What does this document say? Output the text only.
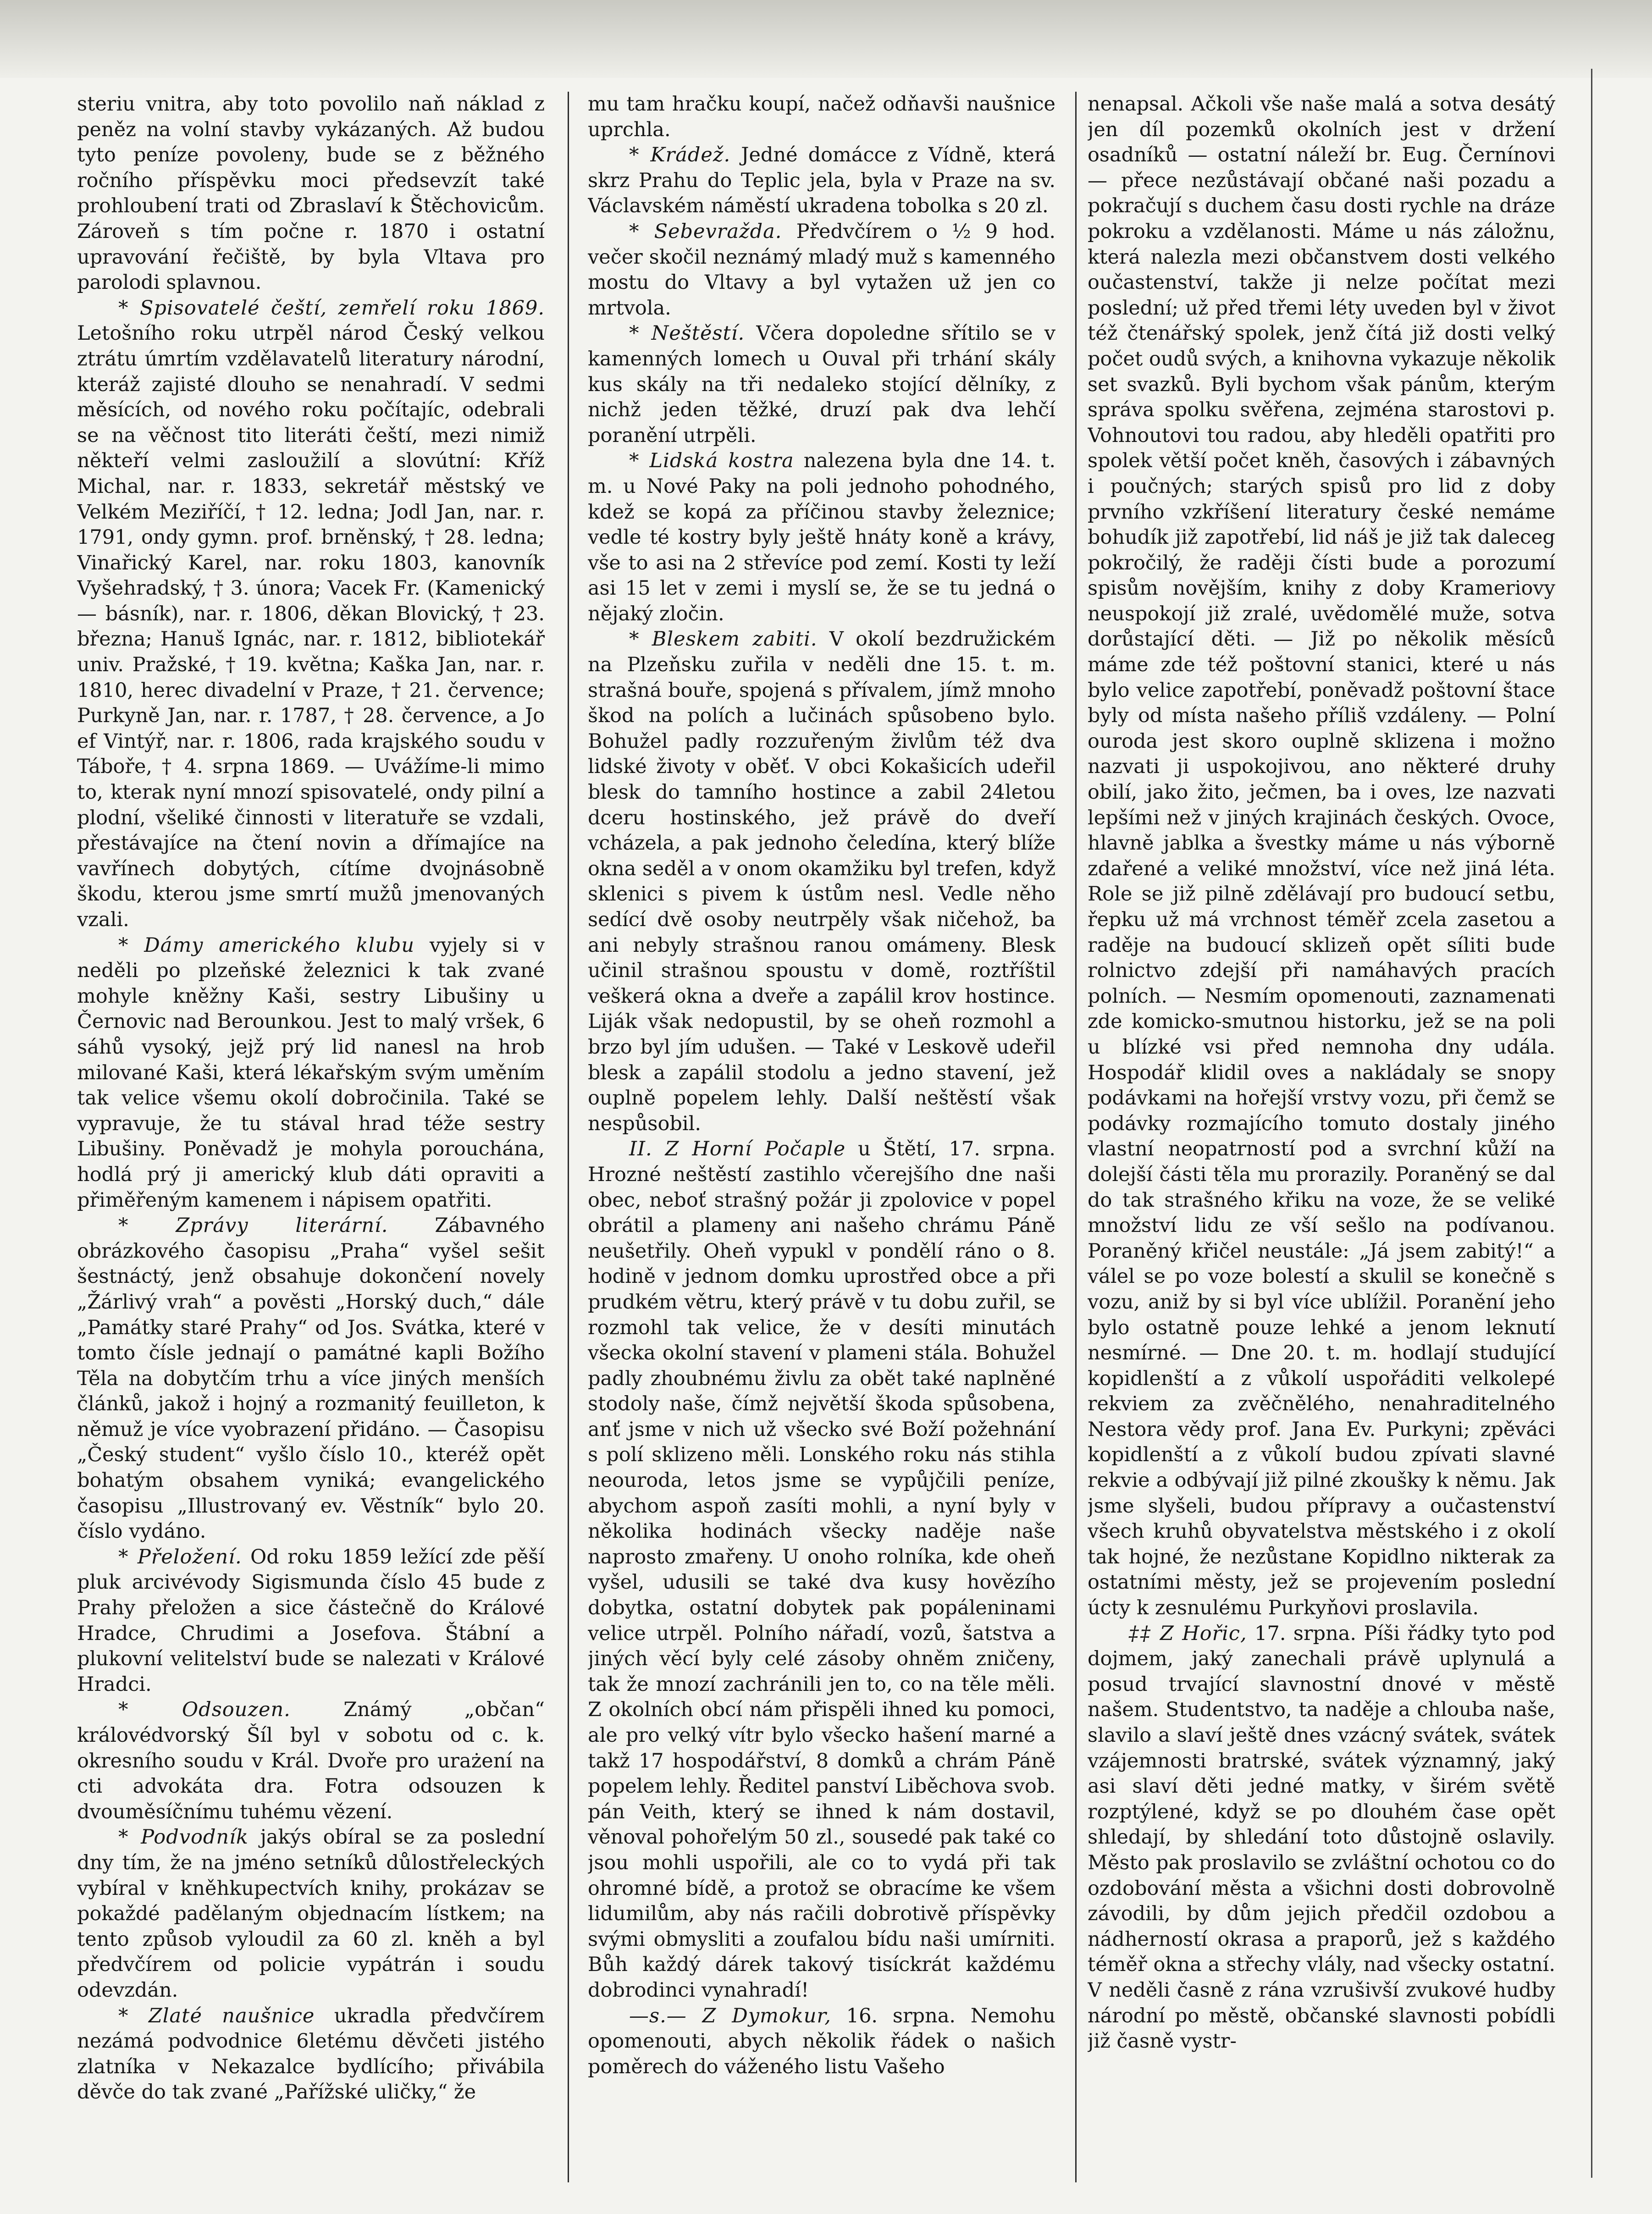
steriu vnitra, aby toto povolilo naň náklad z peněz na volní stavby vykázaných. Až budou tyto peníze povoleny, bude se z běžného ročního příspěvku moci předsevzít také prohloubení trati od Zbraslaví k Štěchovicům. Zároveň s tím počne r. 1870 i ostatní upravování řečiště, by byla Vltava pro parolodi splavnou.

* Spisovatelé čeští, zemřelí roku 1869. Letošního roku utrpěl národ Český velkou ztrátu úmrtím vzdělavatelů literatury národní, kteráž zajisté dlouho se nenahradí. V sedmi měsících, od nového roku počítajíc, odebrali se na věčnost tito literáti čeští, mezi nimiž někteří velmi zasloužilí a slovútní: Kříž Michal, nar. r. 1833, sekretář městský ve Velkém Meziříčí, † 12. ledna; Jodl Jan, nar. r. 1791, ondy gymn. prof. brněnský, † 28. ledna; Vinařický Karel, nar. roku 1803, kanovník Vyšehradský, † 3. února; Vacek Fr. (Kamenický — básník), nar. r. 1806, děkan Blovický, † 23. března; Hanuš Ignác, nar. r. 1812, bibliotekář univ. Pražské, † 19. května; Kaška Jan, nar. r. 1810, herec divadelní v Praze, † 21. července; Purkyně Jan, nar. r. 1787, † 28. července, a Jo ef Vintýř, nar. r. 1806, rada krajského soudu v Táboře, † 4. srpna 1869. — Uvážíme-li mimo to, kterak nyní mnozí spisovatelé, ondy pilní a plodní, všeliké činnosti v literatuře se vzdali, přestávajíce na čtení novin a dřímajíce na vavřínech dobytých, cítíme dvojnásobně škodu, kterou jsme smrtí mužů jmenovaných vzali.

* Dámy amerického klubu vyjely si v neděli po plzeňské železnici k tak zvané mohyle kněžny Kaši, sestry Libušiny u Černovic nad Berounkou. Jest to malý vršek, 6 sáhů vysoký, jejž prý lid nanesl na hrob milované Kaši, která lékařským svým uměním tak velice všemu okolí dobročinila. Také se vypravuje, že tu stával hrad téže sestry Libušiny. Poněvadž je mohyla porouchána, hodlá prý ji americký klub dáti opraviti a přiměřeným kamenem i nápisem opatřiti.

* Zprávy literární. Zábavného obrázkového časopisu „Praha“ vyšel sešit šestnáctý, jenž obsahuje dokončení novely „Žárlivý vrah“ a pověsti „Horský duch,“ dále „Památky staré Prahy“ od Jos. Svátka, které v tomto čísle jednají o památné kapli Božího Těla na dobytčím trhu a více jiných menších článků, jakož i hojný a rozmanitý feuilleton, k němuž je více vyobrazení přidáno. — Časopisu „Český student“ vyšlo číslo 10., kteréž opět bohatým obsahem vyniká; evangelického časopisu „Illustrovaný ev. Věstník“ bylo 20. číslo vydáno.

* Přeložení. Od roku 1859 ležící zde pěší pluk arcivévody Sigismunda číslo 45 bude z Prahy přeložen a sice částečně do Králové Hradce, Chrudimi a Josefova. Štábní a plukovní velitelství bude se nalezati v Králové Hradci.

* Odsouzen.	Známý „občan“ královédvorský Šíl byl v sobotu od c. k. okresního soudu v Král. Dvoře pro urażení na cti advokáta dra. Fotra odsouzen k dvouměsíčnímu tuhému vězení.

* Podvodník jakýs obíral se za poslední dny tím, že na jméno setníků důlostřeleckých vybíral v kněhkupectvích knihy, prokázav se pokaždé padělaným objednacím lístkem; na tento způsob vyloudil za 60 zl. kněh a byl předvčírem od policie vypátrán i soudu odevzdán.

* Zlaté naušnice ukradla předvčírem nezámá podvodnice 6letému děvčeti jistého zlatníka v Nekazalce bydlícího; přivábila děvče do tak zvané „Pařížské uličky,“ že

mu tam hračku koupí, načež odňavši naušnice uprchla.

* Krádež. Jedné domácce z Vídně, která skrz Prahu do Teplic jela, byla v Praze na sv. Václavském náměstí ukradena tobolka s 20 zl.

* Sebevražda. Předvčírem o ½ 9 hod. večer skočil neznámý mladý muž s kamenného mostu do Vltavy a byl vytažen už jen co mrtvola.

* Neštěstí. Včera dopoledne sřítilo se v kamenných lomech u Ouval při trhání skály kus skály na tři nedaleko stojící dělníky, z nichž jeden těžké, druzí pak dva lehčí poranění utrpěli.

* Lidská kostra nalezena byla dne 14. t. m. u Nové Paky na poli jednoho pohodného, kdež se kopá za příčinou stavby železnice; vedle té kostry byly ještě hnáty koně a krávy, vše to asi na 2 střevíce pod zemí. Kosti ty leží asi 15 let v zemi i myslí se, že se tu jedná o nějaký zločin.

* Bleskem zabiti. V okolí bezdružickém na Plzeňsku zuřila v neděli dne 15. t. m. strašná bouře, spojená s přívalem, jímž mnoho škod na polích a lučinách spůsobeno bylo. Bohužel padly rozzuřeným živlům též dva lidské životy v oběť. V obci Kokašicích udeřil blesk do tamního hostince a zabil 24letou dceru hostinského, jež právě do dveří vcházela, a pak jednoho čeledína, který blíže okna seděl a v onom okamžiku byl trefen, když sklenici s pivem k ústům nesl. Vedle něho sedící dvě osoby neutrpěly však ničehož, ba ani nebyly strašnou ranou omámeny. Blesk učinil strašnou spoustu v domě, roztříštil veškerá okna a dveře a zapálil krov hostince. Liják však nedopustil, by se oheň rozmohl a brzo byl jím udušen. — Také v Leskově udeřil blesk a zapálil stodolu a jedno stavení, jež ouplně popelem lehly. Další neštěstí však nespůsobil.

II. Z Horní Počaple u Štětí, 17. srpna. Hrozné neštěstí zastihlo včerejšího dne naši obec, neboť strašný požár ji zpolovice v popel obrátil a plameny ani našeho chrámu Páně neušetřily. Oheň vypukl v pondělí ráno o 8. hodině v jednom domku uprostřed obce a při prudkém větru, který právě v tu dobu zuřil, se rozmohl tak velice, že v desíti minutách všecka okolní stavení v plameni stála. Bohužel padly zhoubnému živlu za obět také naplněné stodoly naše, čímž největší škoda spůsobena, anť jsme v nich už všecko své Boží požehnání s polí sklizeno měli. Lonského roku nás stihla neouroda, letos jsme se vypůjčili peníze, abychom aspoň zasíti mohli, a nyní byly v několika hodinách všecky naděje naše naprosto zmařeny. U onoho rolníka, kde oheň vyšel, udusili se také dva kusy hovězího dobytka, ostatní dobytek pak popáleninami velice utrpěl. Polního nářadí, vozů, šatstva a jiných věcí byly celé zásoby ohněm zničeny, tak že mnozí zachránili jen to, co na těle měli. Z okolních obcí nám přispěli ihned ku pomoci, ale pro velký vítr bylo všecko hašení marné a takž 17 hospodářství, 8 domků a chrám Páně popelem lehly. Ředitel panství Liběchova svob. pán Veith, který se ihned k nám dostavil, věnoval pohořelým 50 zl., sousedé pak také co jsou mohli uspořili, ale co to vydá při tak ohromné bídě, a protož se obracíme ke všem lidumilům, aby nás račili dobrotivě příspěvky svými obmysliti a zoufalou bídu naši umírniti. Bůh každý dárek takový tisíckrát každému dobrodinci vynahradí!

—s.— Z Dymokur, 16. srpna. Nemohu opomenouti, abych několik řádek o našich poměrech do váženého listu Vašeho

nenapsal. Ačkoli vše naše malá a sotva desátý jen díl pozemků okolních jest v držení osadníků — ostatní náleží br. Eug. Černínovi — přece nezůstávají občané naši pozadu a pokračují s duchem času dosti rychle na dráze pokroku a vzdělanosti. Máme u nás záložnu, která nalezla mezi občanstvem dosti velkého oučastenství, takže ji nelze počítat mezi poslední; už před třemi léty uveden byl v život též čtenářský spolek, jenž čítá již dosti velký počet oudů svých, a knihovna vykazuje několik set svazků. Byli bychom však pánům, kterým správa spolku svěřena, zejména starostovi p. Vohnoutovi tou radou, aby hleděli opatřiti pro spolek větší počet kněh, časových i zábavných i poučných; starých spisů pro lid z doby prvního vzkříšení literatury české nemáme bohudík již zapotřebí, lid náš je již tak daleceg pokročilý, že raději čísti bude a porozumí spisům novějším, knihy z doby Krameriovy neuspokojí již zralé, uvědomělé muže, sotva dorůstající děti. — Již po několik měsíců máme zde též poštovní stanici, které u nás bylo velice zapotřebí, poněvadž poštovní štace byly od místa našeho příliš vzdáleny. — Polní ouroda jest skoro ouplně sklizena i možno nazvati ji uspokojivou, ano některé druhy obilí, jako žito, ječmen, ba i oves, lze nazvati lepšími než v jiných krajinách českých. Ovoce, hlavně jablka a švestky máme u nás výborně zdařené a veliké množství, více než jiná léta. Role se již pilně zdělávají pro budoucí setbu, řepku už má vrchnost téměř zcela zasetou a raděje na budoucí sklizeň opět síliti bude rolnictvo zdejší při namáhavých pracích polních. — Nesmím opomenouti, zaznamenati zde komicko-smutnou historku, jež se na poli u blízké vsi před nemnoha dny udála. Hospodář klidil oves a nakládaly se snopy podávkami na hořejší vrstvy vozu, při čemž se podávky rozmajícího tomuto dostaly jiného vlastní neopatrností pod a svrchní kůží na dolejší části těla mu prorazily. Poraněný se dal do tak strašného křiku na voze, že se veliké množství lidu ze vší sešlo na podívanou. Poraněný křičel neustále: „Já jsem zabitý!“ a válel se po voze bolestí a skulil se konečně s vozu, aniž by si byl více ublížil. Poranění jeho bylo ostatně pouze lehké a jenom leknutí nesmírné. — Dne 20. t. m. hodlají studující kopidlenští a z vůkolí uspořáditi velkolepé rekviem za zvěčnělého, nenahraditelného Nestora vědy prof. Jana Ev. Purkyni; zpěváci kopidlenští a z vůkolí budou zpívati slavné rekvie a odbývají již pilné zkoušky k němu. Jak jsme slyšeli, budou přípravy a oučastenství všech kruhů obyvatelstva městského i z okolí tak hojné, že nezůstane Kopidlno nikterak za ostatními městy, jež se projevením poslední úcty k zesnulému Purkyňovi proslavila.

‡‡ Z Hořic, 17. srpna. Píši řádky tyto pod dojmem, jaký zanechali právě uplynulá a posud trvající slavnostní dnové v městě našem. Studentstvo, ta naděje a chlouba naše, slavilo a slaví ještě dnes vzácný svátek, svátek vzájemnosti bratrské, svátek významný, jaký asi slaví děti jedné matky, v širém světě rozptýlené, když se po dlouhém čase opět shledají, by shledání toto důstojně oslavily. Město pak proslavilo se zvláštní ochotou co do ozdobování města a všichni dosti dobrovolně závodili, by dům jejich předčil ozdobou a nádherností okrasa a praporů, jež s každého téměř okna a střechy vlály, nad všecky ostatní. V neděli časně z rána vzrušivší zvukové hudby národní po městě, občanské slavnosti pobídli již časně vystr-
